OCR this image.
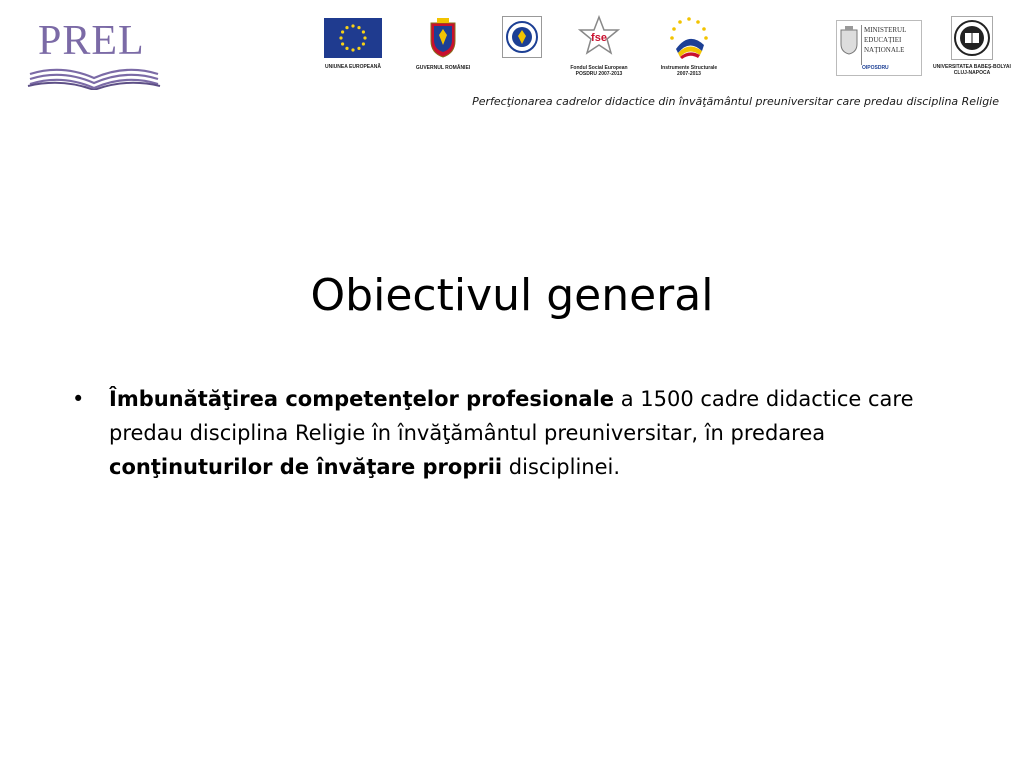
PREL
UNIUNEA EUROPEANĂ	GUVERNUL ROMÂNIEI
fse
Fondul Social European
POSDRU 2007-2013
Instrumente Structurale
2007-2013
MINISTERUL
EDUCAȚIEI
NAȚIONALE
OIPOSDRU	UNIVERSITATEA BABEȘ-BOLYAI
CLUJ-NAPOCA
Perfecţionarea cadrelor didactice din învăţământul preuniversitar care predau disciplina Religie
Obiectivul general
• Îmbunătăţirea competenţelor profesionale a 1500 cadre didactice care predau disciplina Religie în învăţământul preuniversitar, în predarea conţinuturilor de învăţare proprii disciplinei.
